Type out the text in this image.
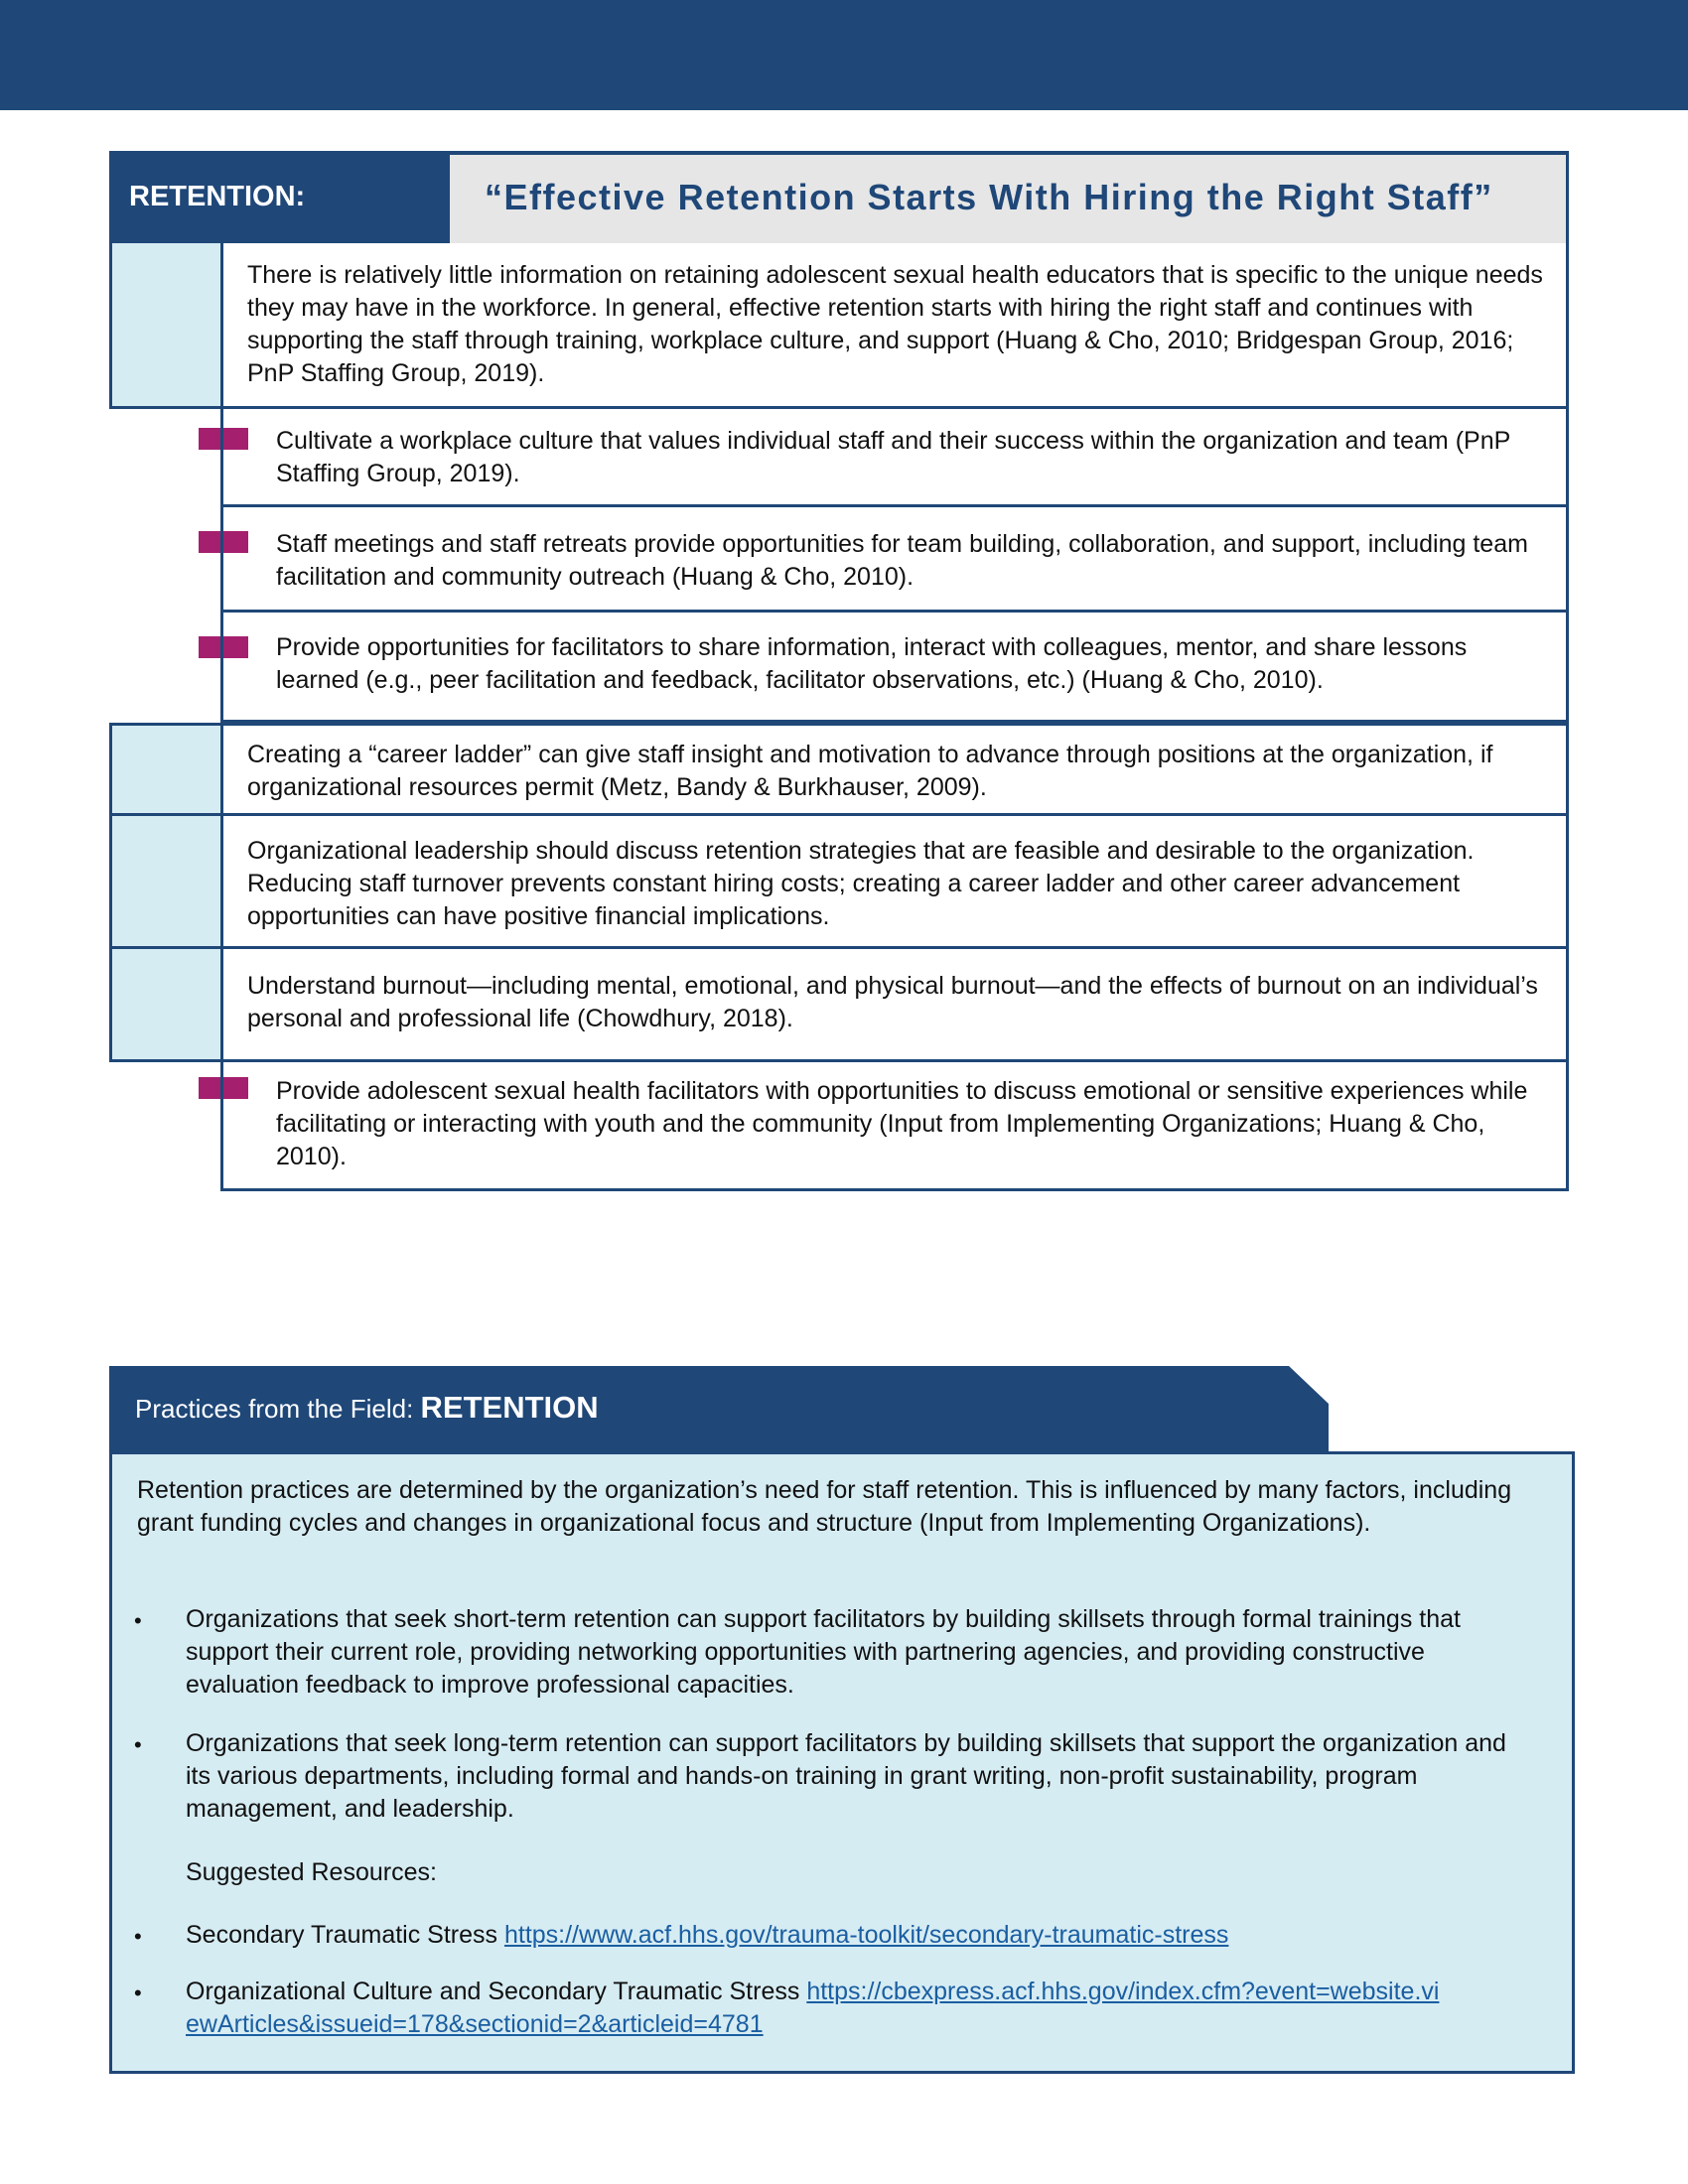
RETENTION:	“Effective Retention Starts With Hiring the Right Staff”
There is relatively little information on retaining adolescent sexual health educators that is specific to the unique needs they may have in the workforce. In general, effective retention starts with hiring the right staff and continues with supporting the staff through training, workplace culture, and support (Huang & Cho, 2010; Bridgespan Group, 2016; PnP Staffing Group, 2019).
Cultivate a workplace culture that values individual staff and their success within the organization and team (PnP Staffing Group, 2019).
Staff meetings and staff retreats provide opportunities for team building, collaboration, and support, including team facilitation and community outreach (Huang & Cho, 2010).
Provide opportunities for facilitators to share information, interact with colleagues, mentor, and share lessons learned (e.g., peer facilitation and feedback, facilitator observations, etc.) (Huang & Cho, 2010).
Creating a “career ladder” can give staff insight and motivation to advance through positions at the organization, if organizational resources permit (Metz, Bandy & Burkhauser, 2009).
Organizational leadership should discuss retention strategies that are feasible and desirable to the organization. Reducing staff turnover prevents constant hiring costs; creating a career ladder and other career advancement opportunities can have positive financial implications.
Understand burnout—including mental, emotional, and physical burnout—and the effects of burnout on an individual’s personal and professional life (Chowdhury, 2018).
Provide adolescent sexual health facilitators with opportunities to discuss emotional or sensitive experiences while facilitating or interacting with youth and the community (Input from Implementing Organizations; Huang & Cho, 2010).
Practices from the Field: RETENTION

Retention practices are determined by the organization’s need for staff retention. This is influenced by many factors, including grant funding cycles and changes in organizational focus and structure (Input from Implementing Organizations).

• Organizations that seek short-term retention can support facilitators by building skillsets through formal trainings that support their current role, providing networking opportunities with partnering agencies, and providing constructive evaluation feedback to improve professional capacities.

• Organizations that seek long-term retention can support facilitators by building skillsets that support the organization and its various departments, including formal and hands-on training in grant writing, non-profit sustainability, program management, and leadership.

Suggested Resources:

• Secondary Traumatic Stress https://www.acf.hhs.gov/trauma-toolkit/secondary-traumatic-stress

• Organizational Culture and Secondary Traumatic Stress https://cbexpress.acf.hhs.gov/index.cfm?event=website.viewArticles&issueid=178&sectionid=2&articleid=4781
